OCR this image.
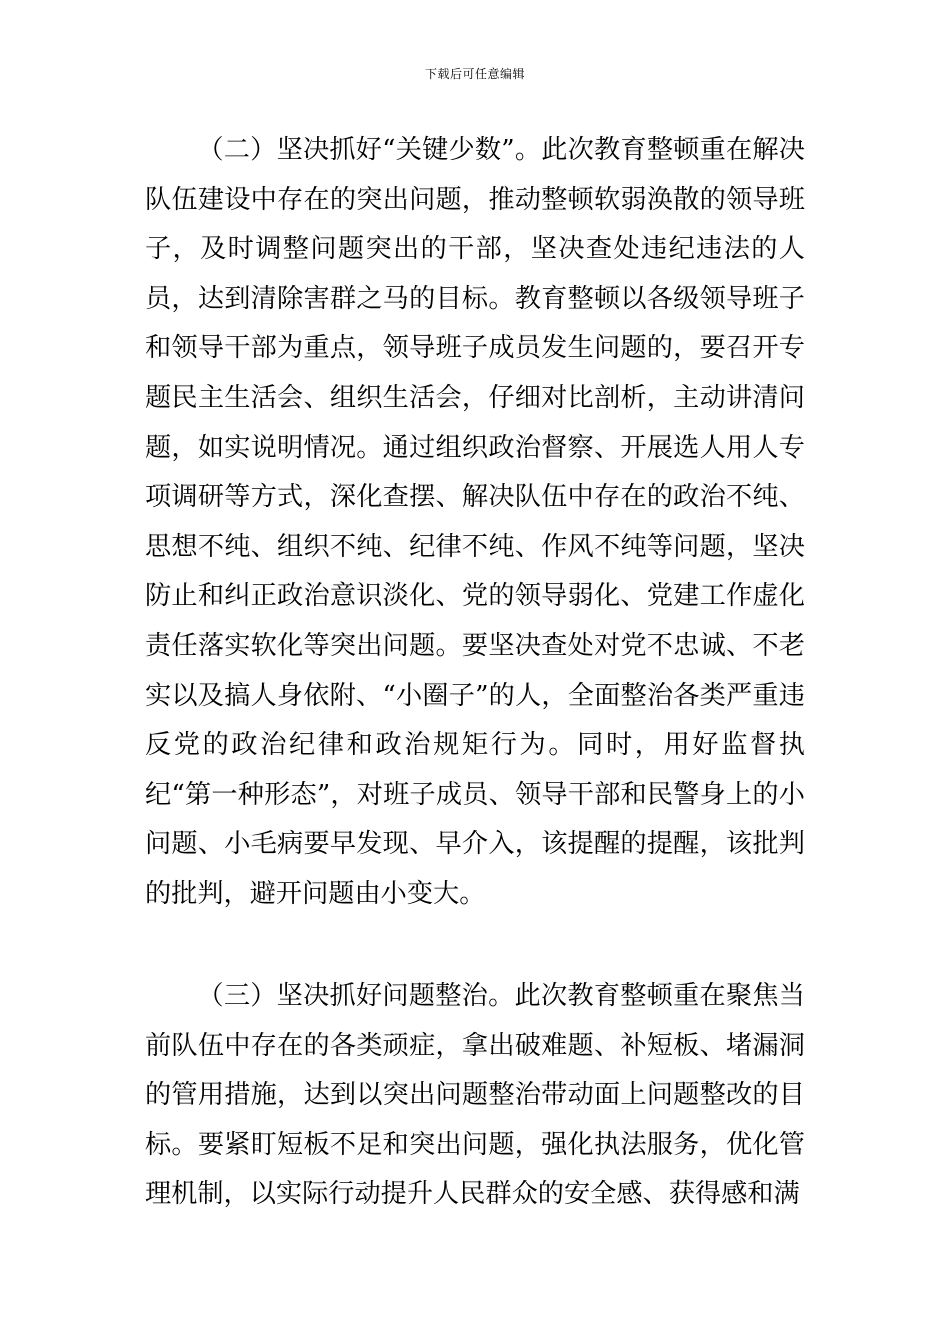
下载后可任意编辑

（二）坚决抓好“关键少数”。此次教育整顿重在解决队伍建设中存在的突出问题，推动整顿软弱涣散的领导班子，及时调整问题突出的干部，坚决查处违纪违法的人员，达到清除害群之马的目标。教育整顿以各级领导班子和领导干部为重点，领导班子成员发生问题的，要召开专题民主生活会、组织生活会，仔细对比剖析，主动讲清问题，如实说明情况。通过组织政治督察、开展选人用人专项调研等方式，深化查摆、解决队伍中存在的政治不纯、思想不纯、组织不纯、纪律不纯、作风不纯等问题，坚决防止和纠正政治意识淡化、党的领导弱化、党建工作虚化责任落实软化等突出问题。要坚决查处对党不忠诚、不老实以及搞人身依附、“小圈子”的人，全面整治各类严重违反党的政治纪律和政治规矩行为。同时，用好监督执纪“第一种形态”，对班子成员、领导干部和民警身上的小问题、小毛病要早发现、早介入，该提醒的提醒，该批判的批判，避开问题由小变大。

（三）坚决抓好问题整治。此次教育整顿重在聚焦当前队伍中存在的各类顽症，拿出破难题、补短板、堵漏洞的管用措施，达到以突出问题整治带动面上问题整改的目标。要紧盯短板不足和突出问题，强化执法服务，优化管理机制，以实际行动提升人民群众的安全感、获得感和满
